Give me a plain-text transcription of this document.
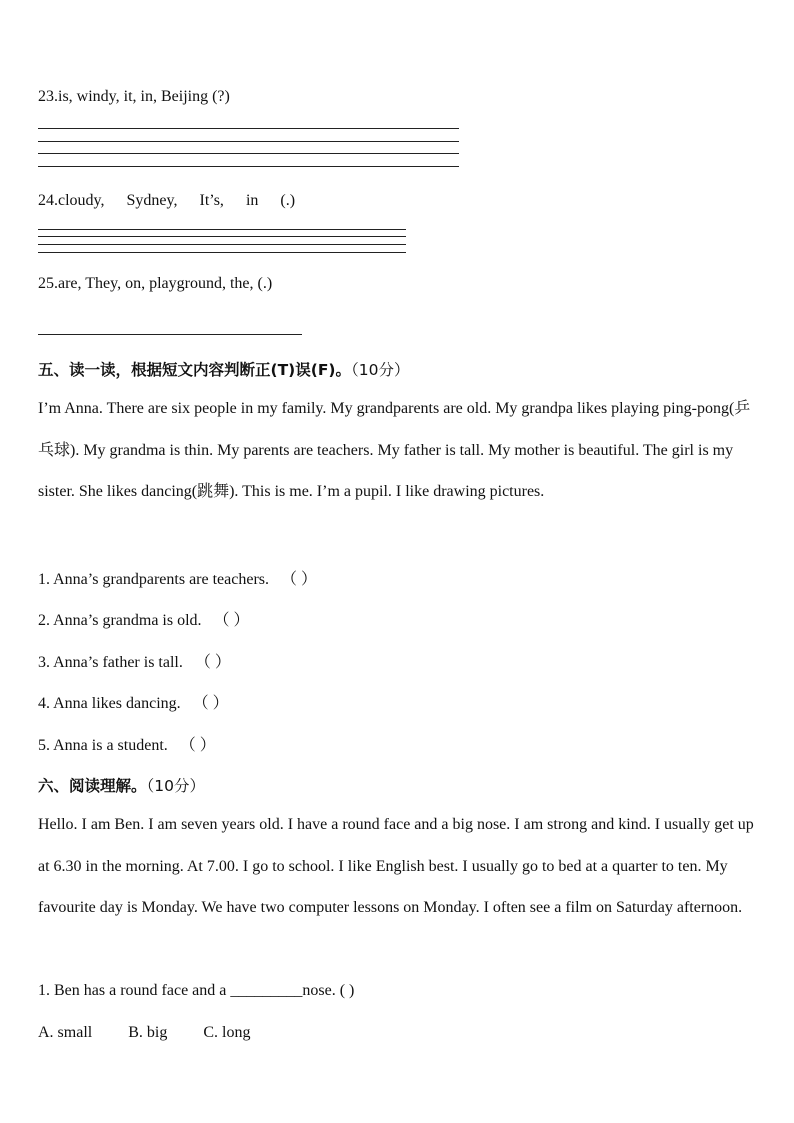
23.is, windy, it, in, Beijing (?)
24.cloudy, Sydney, It’s, in (.)
25.are, They, on, playground, the, (.)
五、读一读，根据短文内容判断正(T)误(F)。（10分）
I’m Anna. There are six people in my family. My grandparents are old. My grandpa likes playing ping-pong(乒乓球). My grandma is thin. My parents are teachers. My father is tall. My mother is beautiful. The girl is my sister. She likes dancing(跳舞). This is me. I’m a pupil. I like drawing pictures.
1. Anna’s grandparents are teachers. （ ）
2. Anna’s grandma is old. （ ）
3. Anna’s father is tall. （ ）
4. Anna likes dancing. （ ）
5. Anna is a student. （ ）
六、阅读理解。（10分）
Hello. I am Ben. I am seven years old. I have a round face and a big nose. I am strong and kind. I usually get up at 6.30 in the morning. At 7.00. I go to school. I like English best. I usually go to bed at a quarter to ten. My favourite day is Monday. We have two computer lessons on Monday. I often see a film on Saturday afternoon.
1. Ben has a round face and a _________nose. ( )
A. small B. big C. long
